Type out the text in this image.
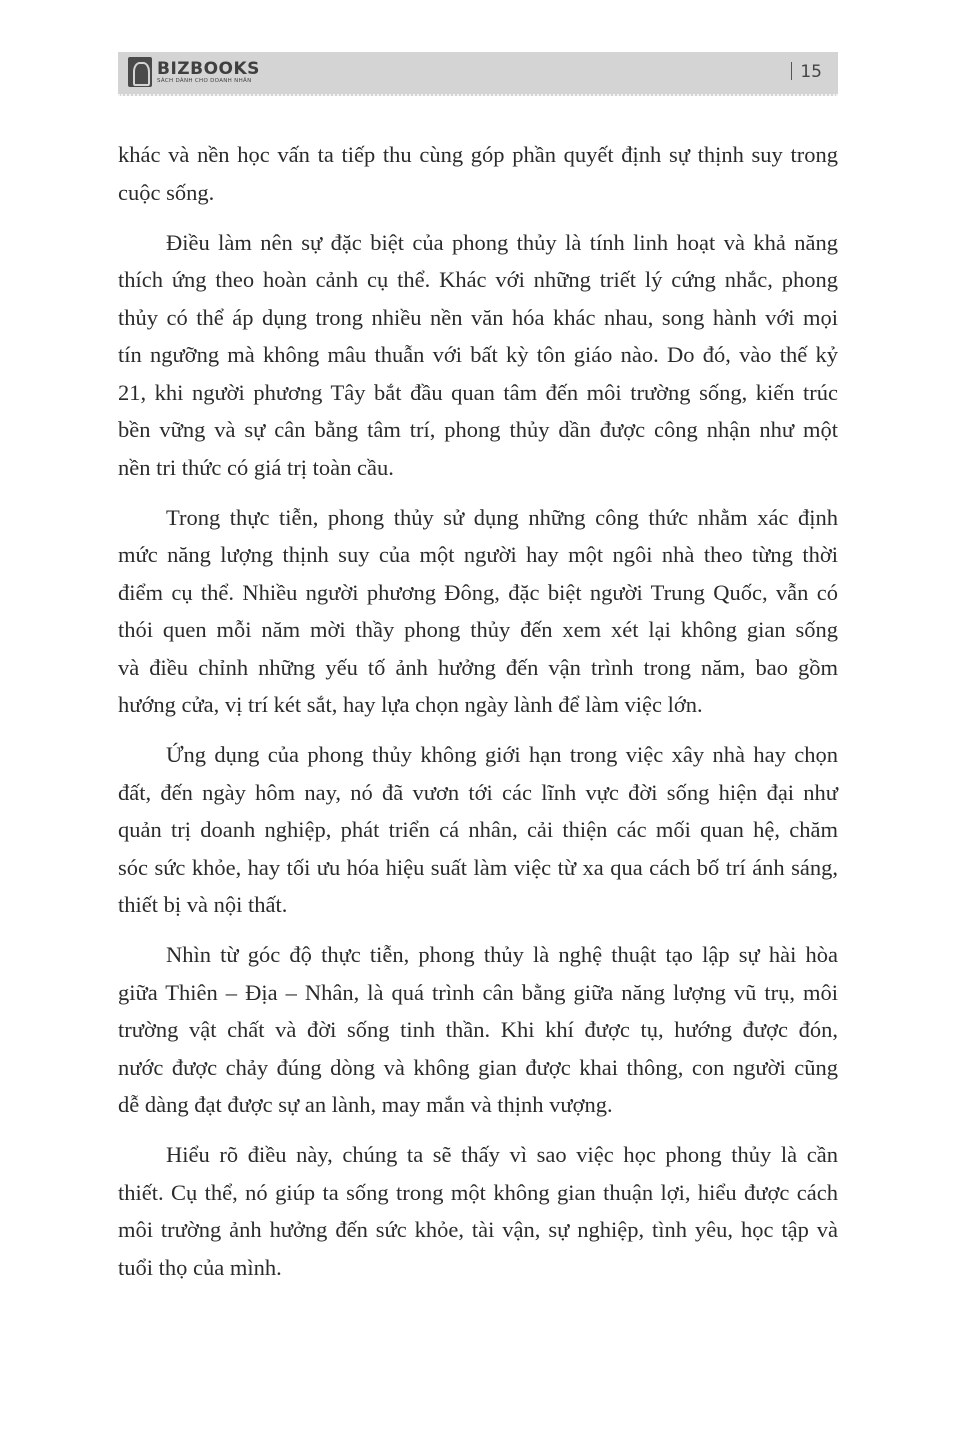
BIZBOOKS
SÁCH DÀNH CHO DOANH NHÂN	15
khác và nền học vấn ta tiếp thu cùng góp phần quyết định sự thịnh suy trong
cuộc sống.
Điều làm nên sự đặc biệt của phong thủy là tính linh hoạt và khả năng
thích ứng theo hoàn cảnh cụ thể. Khác với những triết lý cứng nhắc, phong
thủy có thể áp dụng trong nhiều nền văn hóa khác nhau, song hành với mọi
tín ngưỡng mà không mâu thuẫn với bất kỳ tôn giáo nào. Do đó, vào thế kỷ
21, khi người phương Tây bắt đầu quan tâm đến môi trường sống, kiến trúc
bền vững và sự cân bằng tâm trí, phong thủy dần được công nhận như một
nền tri thức có giá trị toàn cầu.
Trong thực tiễn, phong thủy sử dụng những công thức nhằm xác định
mức năng lượng thịnh suy của một người hay một ngôi nhà theo từng thời
điểm cụ thể. Nhiều người phương Đông, đặc biệt người Trung Quốc, vẫn có
thói quen mỗi năm mời thầy phong thủy đến xem xét lại không gian sống
và điều chỉnh những yếu tố ảnh hưởng đến vận trình trong năm, bao gồm
hướng cửa, vị trí két sắt, hay lựa chọn ngày lành để làm việc lớn.
Ứng dụng của phong thủy không giới hạn trong việc xây nhà hay chọn
đất, đến ngày hôm nay, nó đã vươn tới các lĩnh vực đời sống hiện đại như
quản trị doanh nghiệp, phát triển cá nhân, cải thiện các mối quan hệ, chăm
sóc sức khỏe, hay tối ưu hóa hiệu suất làm việc từ xa qua cách bố trí ánh sáng,
thiết bị và nội thất.
Nhìn từ góc độ thực tiễn, phong thủy là nghệ thuật tạo lập sự hài hòa
giữa Thiên – Địa – Nhân, là quá trình cân bằng giữa năng lượng vũ trụ, môi
trường vật chất và đời sống tinh thần. Khi khí được tụ, hướng được đón,
nước được chảy đúng dòng và không gian được khai thông, con người cũng
dễ dàng đạt được sự an lành, may mắn và thịnh vượng.
Hiểu rõ điều này, chúng ta sẽ thấy vì sao việc học phong thủy là cần
thiết. Cụ thể, nó giúp ta sống trong một không gian thuận lợi, hiểu được cách
môi trường ảnh hưởng đến sức khỏe, tài vận, sự nghiệp, tình yêu, học tập và
tuổi thọ của mình.
